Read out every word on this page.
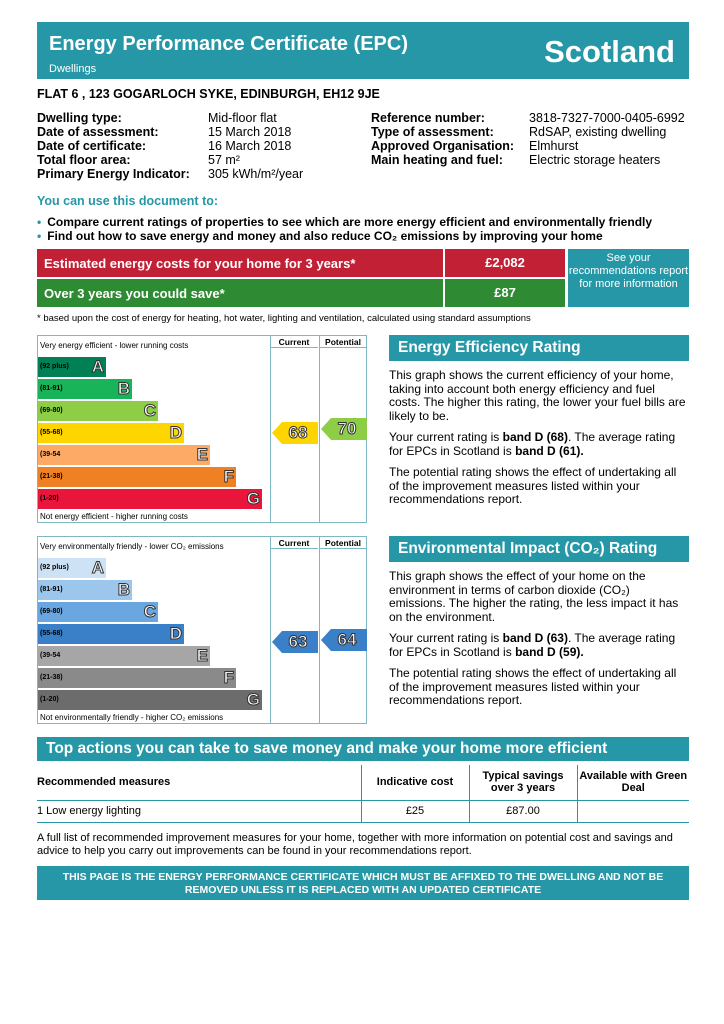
Energy Performance Certificate (EPC)
Dwellings	Scotland
FLAT 6 , 123 GOGARLOCH SYKE, EDINBURGH, EH12 9JE
Dwelling type:	Mid-floor flat
Date of assessment:	15 March 2018
Date of certificate:	16 March 2018
Total floor area:	57 m²
Primary Energy Indicator: 305 kWh/m²/year
Reference number:	3818-7327-7000-0405-6992
Type of assessment:	RdSAP, existing dwelling
Approved Organisation: Elmhurst
Main heating and fuel: Electric storage heaters
You can use this document to:
• Compare current ratings of properties to see which are more energy efficient and environmentally friendly
• Find out how to save energy and money and also reduce CO₂ emissions by improving your home
Estimated energy costs for your home for 3 years*	£2,082
Over 3 years you could save*	£87
See your recommendations report for more information
* based upon the cost of energy for heating, hot water, lighting and ventilation, calculated using standard assumptions
Current	Potential
Very energy efficient - lower running costs
(92 plus) A
(81-91)	B
(69-80)	C
(55-68)	D
(39-54	E
(21-38)	F
(1-20)	G
Not energy efficient - higher running costs
68	70
Energy Efficiency Rating

This graph shows the current efficiency of your home, taking into account both energy efficiency and fuel costs. The higher this rating, the lower your fuel bills are likely to be.

Your current rating is band D (68). The average rating for EPCs in Scotland is band D (61).

The potential rating shows the effect of undertaking all of the improvement measures listed within your recommendations report.

Current	Potential
Very environmentally friendly - lower CO₂ emissions
(92 plus) A
(81-91)	B
(69-80)	C
(55-68)	D
(39-54	E
(21-38)	F
(1-20)	G
Not environmentally friendly - higher CO₂ emissions
63	64
Environmental Impact (CO₂) Rating

This graph shows the effect of your home on the environment in terms of carbon dioxide (CO₂) emissions. The higher the rating, the less impact it has on the environment.

Your current rating is band D (63). The average rating for EPCs in Scotland is band D (59).

The potential rating shows the effect of undertaking all of the improvement measures listed within your recommendations report.

Top actions you can take to save money and make your home more efficient
Recommended measures	Indicative cost	Typical savings over 3 years	Available with Green Deal
1 Low energy lighting	£25	£87.00	
A full list of recommended improvement measures for your home, together with more information on potential cost and savings and advice to help you carry out improvements can be found in your recommendations report.
THIS PAGE IS THE ENERGY PERFORMANCE CERTIFICATE WHICH MUST BE AFFIXED TO THE DWELLING AND NOT BE REMOVED UNLESS IT IS REPLACED WITH AN UPDATED CERTIFICATE
